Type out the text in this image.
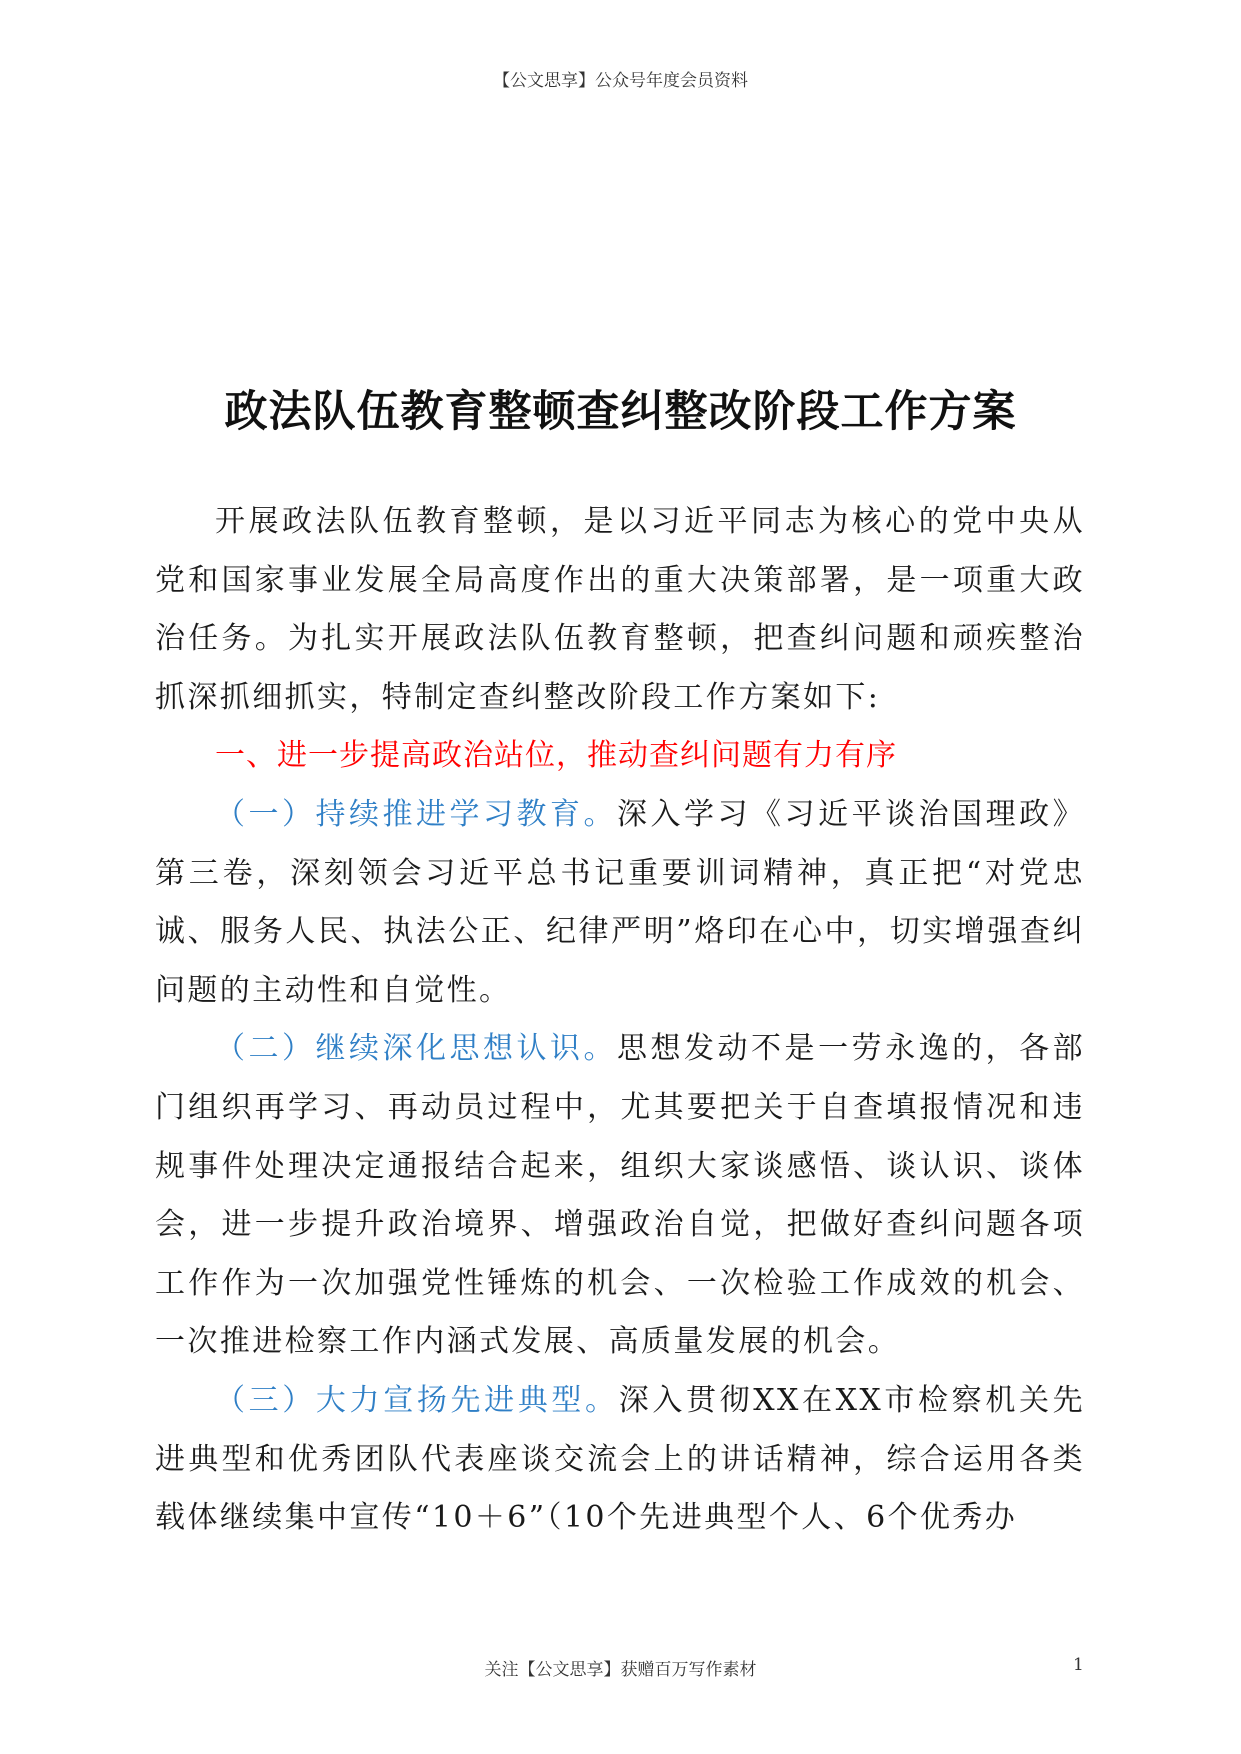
【公文思享】公众号年度会员资料
政法队伍教育整顿查纠整改阶段工作方案

开展政法队伍教育整顿，是以习近平同志为核心的党中央从党和国家事业发展全局高度作出的重大决策部署，是一项重大政治任务。为扎实开展政法队伍教育整顿，把查纠问题和顽疾整治抓深抓细抓实，特制定查纠整改阶段工作方案如下:

一、进一步提高政治站位，推动查纠问题有力有序

（一）持续推进学习教育。深入学习《习近平谈治国理政》第三卷，深刻领会习近平总书记重要训词精神，真正把“对党忠诚、服务人民、执法公正、纪律严明”烙印在心中，切实增强查纠问题的主动性和自觉性。

（二）继续深化思想认识。思想发动不是一劳永逸的，各部门组织再学习、再动员过程中，尤其要把关于自查填报情况和违规事件处理决定通报结合起来，组织大家谈感悟、谈认识、谈体会，进一步提升政治境界、增强政治自觉，把做好查纠问题各项工作作为一次加强党性锤炼的机会、一次检验工作成效的机会、一次推进检察工作内涵式发展、高质量发展的机会。

（三）大力宣扬先进典型。深入贯彻XX在XX市检察机关先进典型和优秀团队代表座谈交流会上的讲话精神，综合运用各类载体继续集中宣传“10＋6”（10个先进典型个人、6个优秀办

关注【公文思享】获赠百万写作素材	1
